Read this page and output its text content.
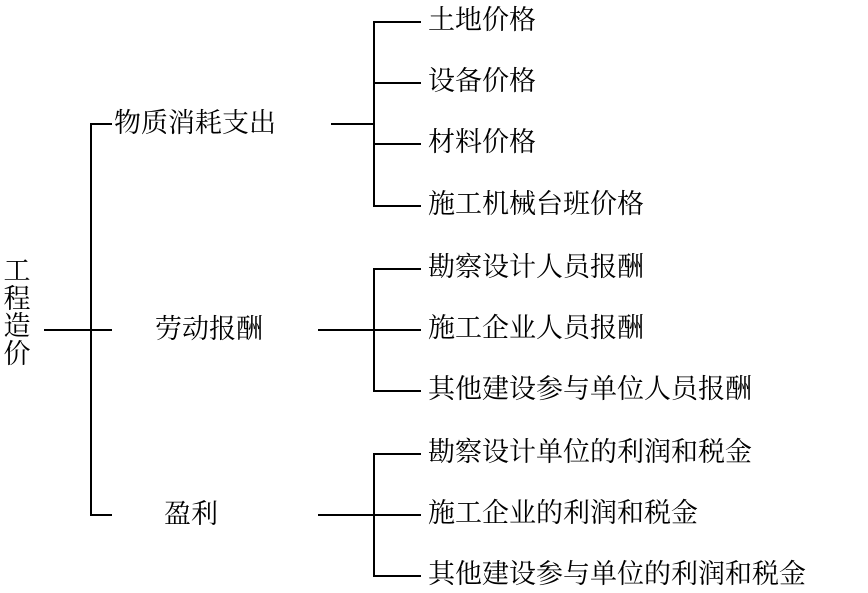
工
程
造
价
物质消耗支出
土地价格
设备价格
材料价格
施工机械台班价格
劳动报酬
勘察设计人员报酬
施工企业人员报酬
其他建设参与单位人员报酬
盈利
勘察设计单位的利润和税金
施工企业的利润和税金
其他建设参与单位的利润和税金
